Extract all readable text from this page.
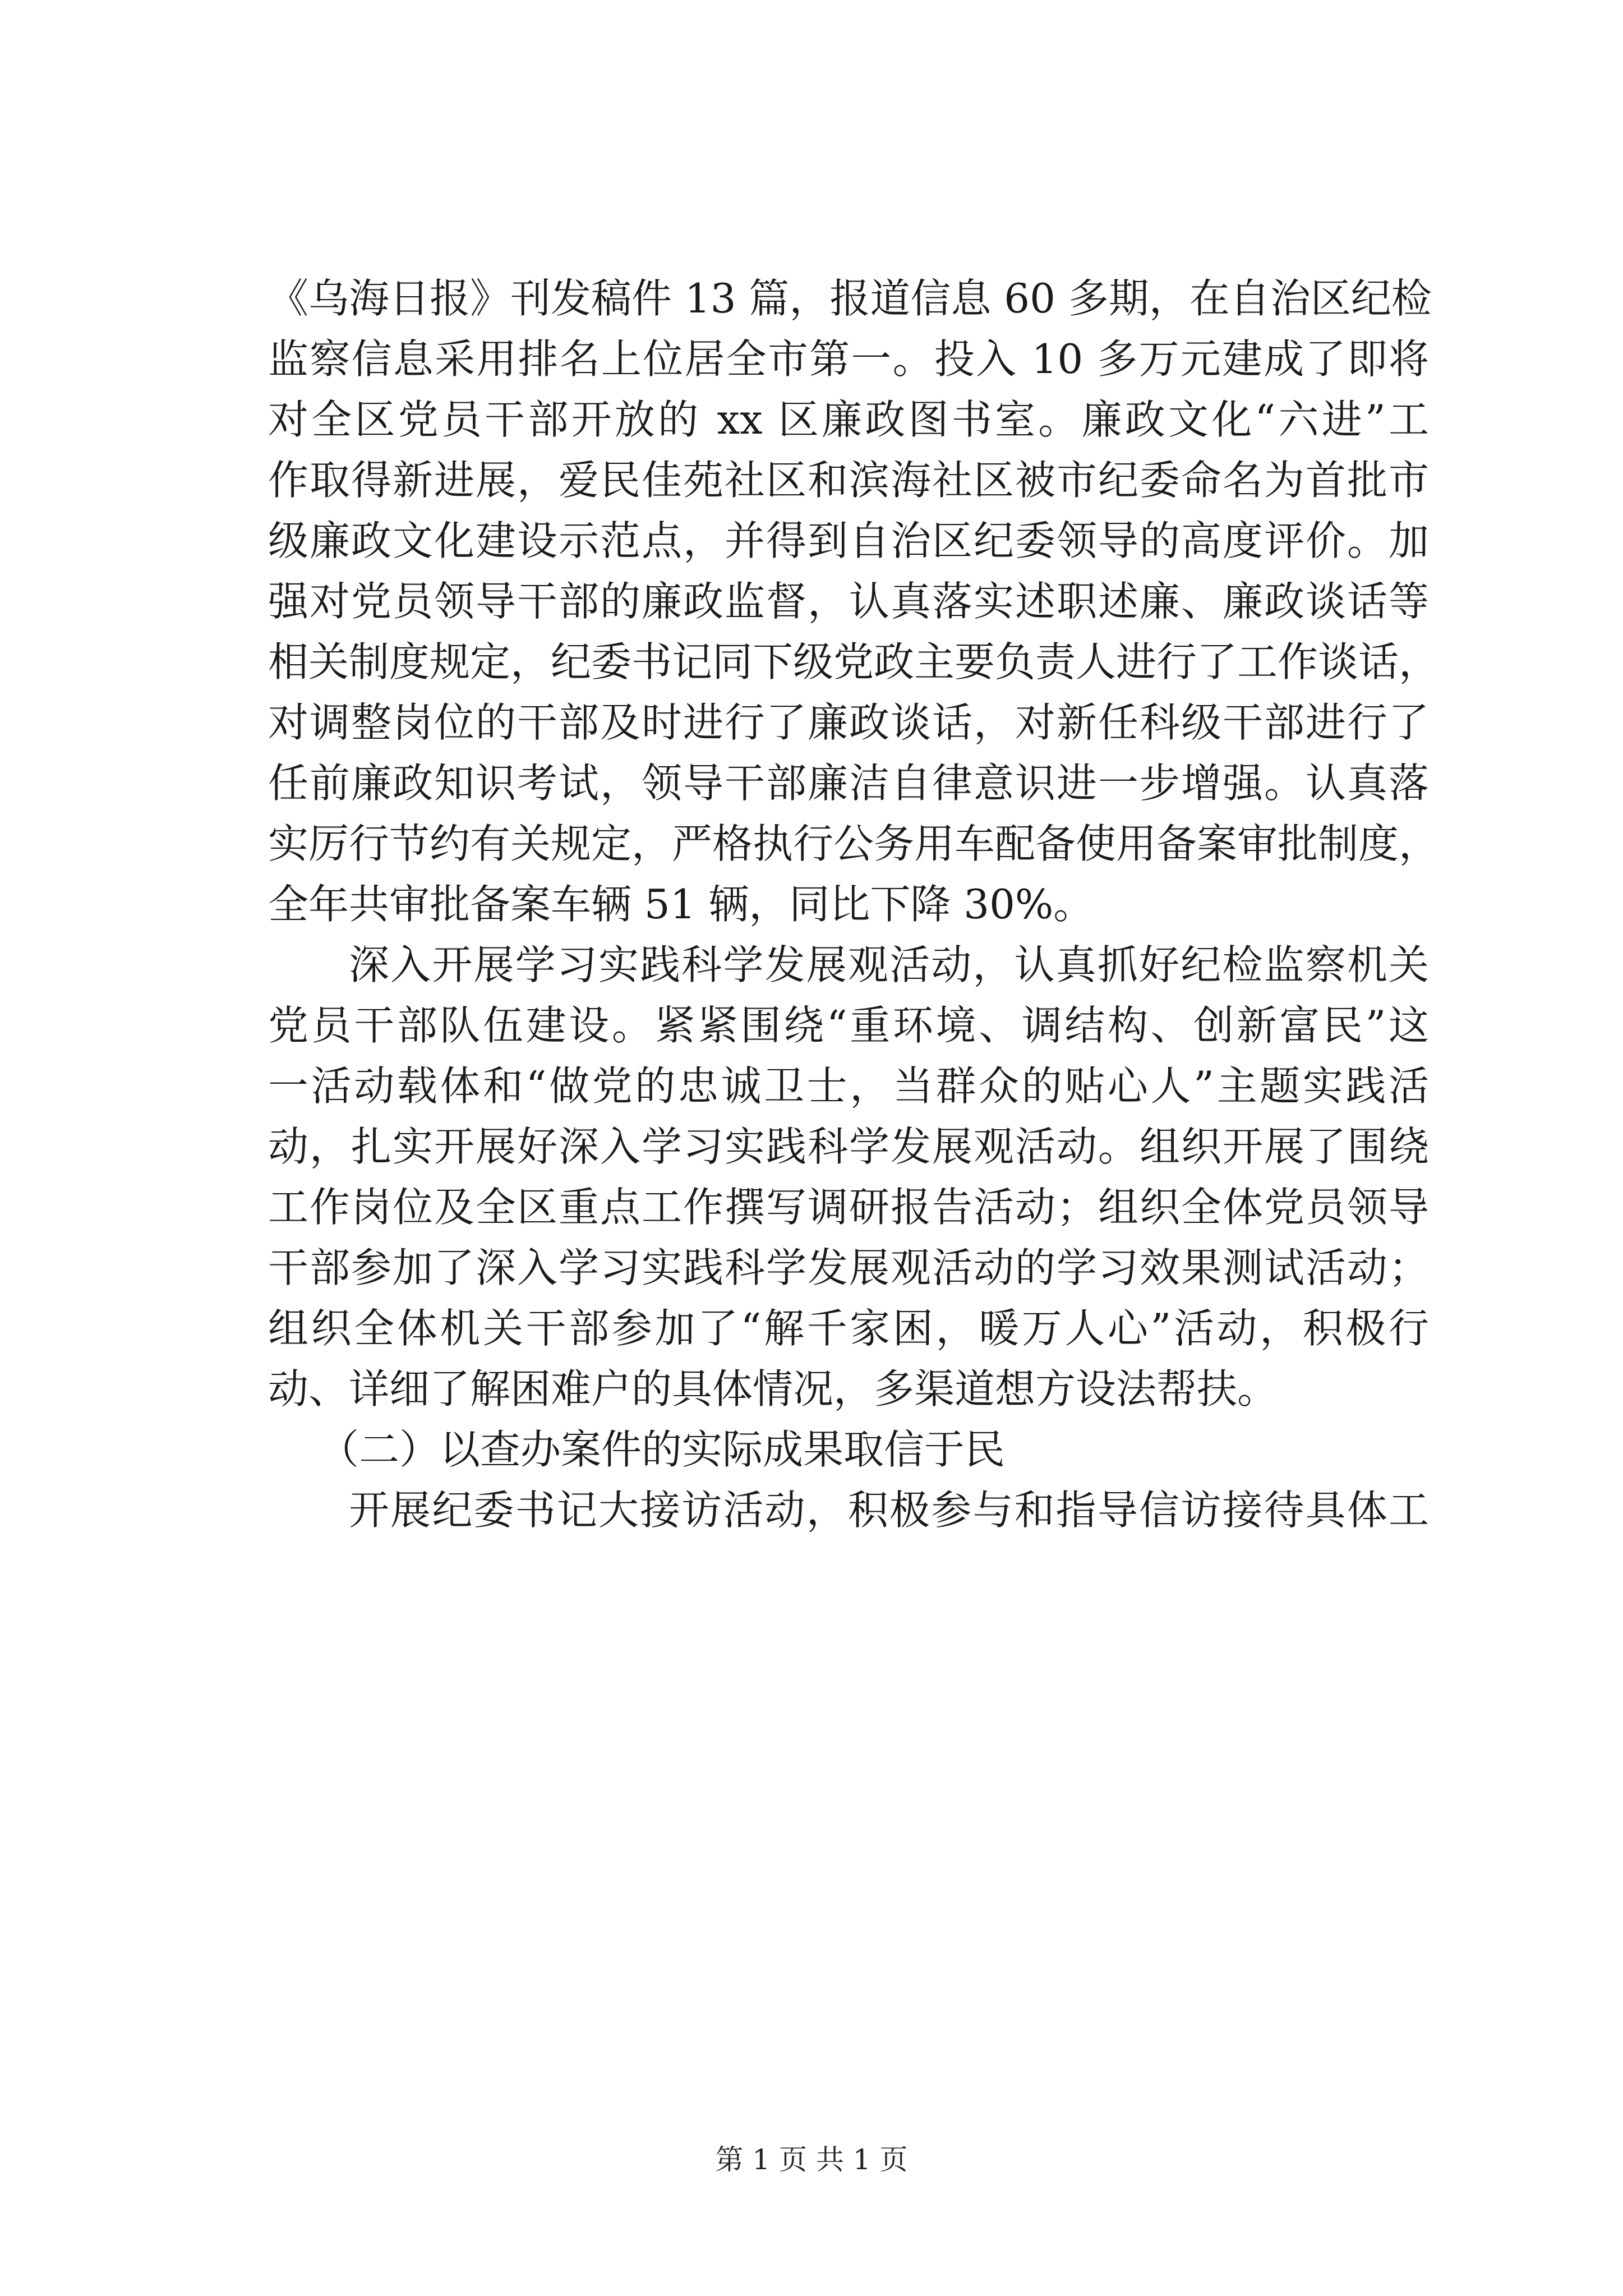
《乌海日报》刊发稿件 13 篇，报道信息 60 多期，在自治区纪检
监察信息采用排名上位居全市第一。投入 10 多万元建成了即将
对全区党员干部开放的 xx 区廉政图书室。廉政文化“六进”工
作取得新进展，爱民佳苑社区和滨海社区被市纪委命名为首批市
级廉政文化建设示范点，并得到自治区纪委领导的高度评价。加
强对党员领导干部的廉政监督，认真落实述职述廉、廉政谈话等
相关制度规定，纪委书记同下级党政主要负责人进行了工作谈话，
对调整岗位的干部及时进行了廉政谈话，对新任科级干部进行了
任前廉政知识考试，领导干部廉洁自律意识进一步增强。认真落
实厉行节约有关规定，严格执行公务用车配备使用备案审批制度，
全年共审批备案车辆 51 辆，同比下降 30%。
深入开展学习实践科学发展观活动，认真抓好纪检监察机关
党员干部队伍建设。紧紧围绕“重环境、调结构、创新富民”这
一活动载体和“做党的忠诚卫士，当群众的贴心人”主题实践活
动，扎实开展好深入学习实践科学发展观活动。组织开展了围绕
工作岗位及全区重点工作撰写调研报告活动；组织全体党员领导
干部参加了深入学习实践科学发展观活动的学习效果测试活动；
组织全体机关干部参加了“解千家困，暖万人心”活动，积极行
动、详细了解困难户的具体情况，多渠道想方设法帮扶。
（二）以查办案件的实际成果取信于民
开展纪委书记大接访活动，积极参与和指导信访接待具体工
第 1 页 共 1 页
